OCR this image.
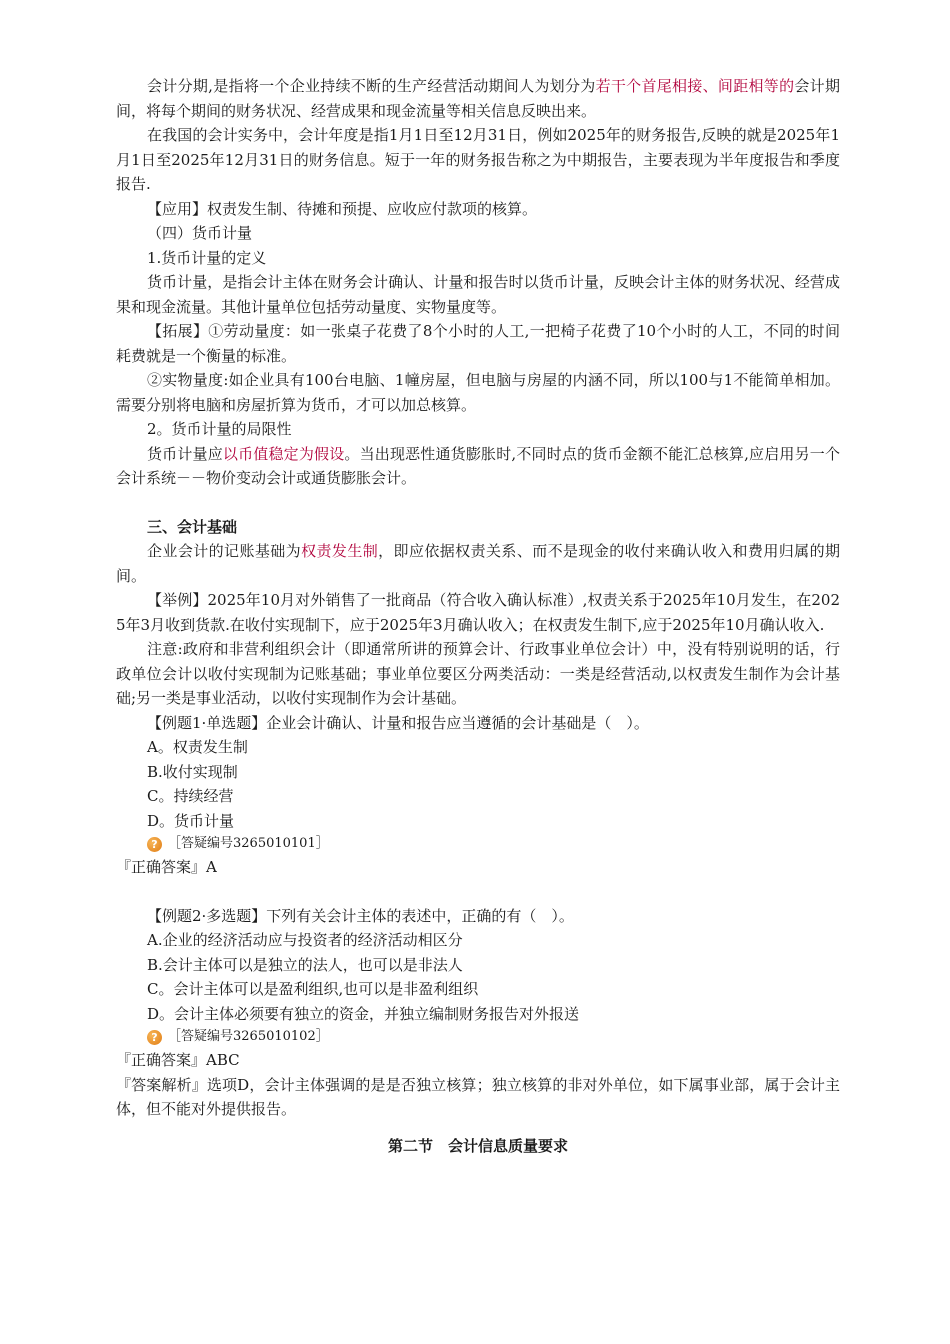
会计分期,是指将一个企业持续不断的生产经营活动期间人为划分为若干个首尾相接、间距相等的会计期间，将每个期间的财务状况、经营成果和现金流量等相关信息反映出来。

在我国的会计实务中，会计年度是指1月1日至12月31日，例如2025年的财务报告,反映的就是2025年1月1日至2025年12月31日的财务信息。短于一年的财务报告称之为中期报告，主要表现为半年度报告和季度报告.

【应用】权责发生制、待摊和预提、应收应付款项的核算。

（四）货币计量

1.货币计量的定义

货币计量，是指会计主体在财务会计确认、计量和报告时以货币计量，反映会计主体的财务状况、经营成果和现金流量。其他计量单位包括劳动量度、实物量度等。

【拓展】①劳动量度：如一张桌子花费了8个小时的人工,一把椅子花费了10个小时的人工，不同的时间耗费就是一个衡量的标准。

②实物量度:如企业具有100台电脑、1幢房屋，但电脑与房屋的内涵不同，所以100与1不能简单相加。需要分别将电脑和房屋折算为货币，才可以加总核算。

2。货币计量的局限性

货币计量应以币值稳定为假设。当出现恶性通货膨胀时,不同时点的货币金额不能汇总核算,应启用另一个会计系统－－物价变动会计或通货膨胀会计。

三、会计基础

企业会计的记账基础为权责发生制，即应依据权责关系、而不是现金的收付来确认收入和费用归属的期间。

【举例】2025年10月对外销售了一批商品（符合收入确认标准）,权责关系于2025年10月发生，在2025年3月收到货款.在收付实现制下，应于2025年3月确认收入；在权责发生制下,应于2025年10月确认收入.

注意:政府和非营利组织会计（即通常所讲的预算会计、行政事业单位会计）中，没有特别说明的话，行政单位会计以收付实现制为记账基础；事业单位要区分两类活动：一类是经营活动,以权责发生制作为会计基础;另一类是事业活动，以收付实现制作为会计基础。

【例题1·单选题】企业会计确认、计量和报告应当遵循的会计基础是（　）。

A。权责发生制

B.收付实现制

C。持续经营

D。货币计量

? ［答疑编号3265010101］

『正确答案』A

【例题2·多选题】下列有关会计主体的表述中，正确的有（　）。

A.企业的经济活动应与投资者的经济活动相区分

B.会计主体可以是独立的法人，也可以是非法人

C。会计主体可以是盈利组织,也可以是非盈利组织

D。会计主体必须要有独立的资金，并独立编制财务报告对外报送

? ［答疑编号3265010102］

『正确答案』ABC

『答案解析』选项D，会计主体强调的是是否独立核算；独立核算的非对外单位，如下属事业部，属于会计主体，但不能对外提供报告。

第二节　会计信息质量要求
